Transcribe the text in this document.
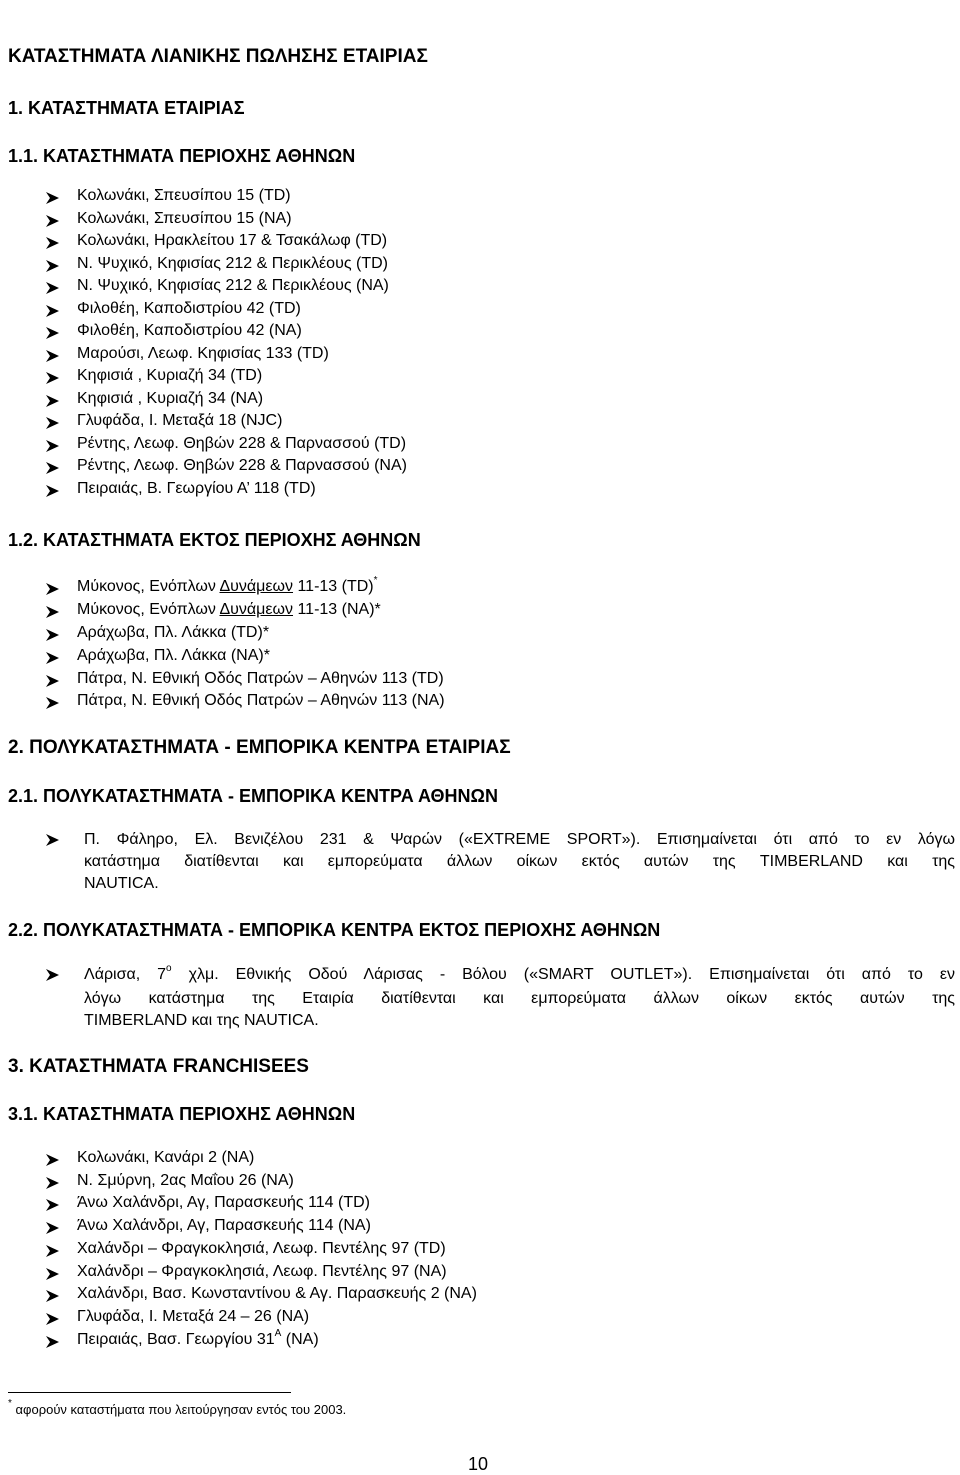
ΚΑΤΑΣΤΗΜΑΤΑ ΛΙΑΝΙΚΗΣ ΠΩΛΗΣΗΣ ΕΤΑΙΡΙΑΣ
1. ΚΑΤΑΣΤΗΜΑΤΑ ΕΤΑΙΡΙΑΣ
1.1. ΚΑΤΑΣΤΗΜΑΤΑ ΠΕΡΙΟΧΗΣ ΑΘΗΝΩΝ
Κολωνάκι, Σπευσίπου 15 (TD)
Κολωνάκι, Σπευσίπου 15 (NA)
Κολωνάκι, Ηρακλείτου 17 & Τσακάλωφ (TD)
Ν. Ψυχικό, Κηφισίας 212 & Περικλέους (TD)
Ν. Ψυχικό, Κηφισίας 212 & Περικλέους (NA)
Φιλοθέη, Καποδιστρίου 42 (TD)
Φιλοθέη, Καποδιστρίου 42 (NA)
Μαρούσι, Λεωφ. Κηφισίας 133 (TD)
Κηφισιά , Κυριαζή 34 (TD)
Κηφισιά , Κυριαζή 34 (NA)
Γλυφάδα, Ι. Μεταξά 18 (NJC)
Ρέντης, Λεωφ. Θηβών 228 & Παρνασσού (TD)
Ρέντης, Λεωφ. Θηβών 228 & Παρνασσού (NA)
Πειραιάς, Β. Γεωργίου Α’ 118 (TD)
1.2. ΚΑΤΑΣΤΗΜΑΤΑ ΕΚΤΟΣ ΠΕΡΙΟΧΗΣ ΑΘΗΝΩΝ
Μύκονος, Ενόπλων Δυνάμεων 11-13 (TD)*
Μύκονος, Ενόπλων Δυνάμεων 11-13 (NA)*
Αράχωβα, Πλ. Λάκκα (TD)*
Αράχωβα, Πλ. Λάκκα (NA)*
Πάτρα, Ν. Εθνική Οδός Πατρών – Αθηνών 113 (TD)
Πάτρα, Ν. Εθνική Οδός Πατρών – Αθηνών 113 (NA)
2. ΠΟΛΥΚΑΤΑΣΤΗΜΑΤΑ - ΕΜΠΟΡΙΚΑ ΚΕΝΤΡΑ ΕΤΑΙΡΙΑΣ
2.1. ΠΟΛΥΚΑΤΑΣΤΗΜΑΤΑ - ΕΜΠΟΡΙΚΑ ΚΕΝΤΡΑ ΑΘΗΝΩΝ
Π. Φάληρο, Ελ. Βενιζέλου 231 & Ψαρών («EXTREME SPORT»). Επισημαίνεται ότι από το εν λόγω
κατάστημα διατίθενται και εμπορεύματα άλλων οίκων εκτός αυτών της TIMBERLAND και της
NAUTICA.
2.2. ΠΟΛΥΚΑΤΑΣΤΗΜΑΤΑ - ΕΜΠΟΡΙΚΑ ΚΕΝΤΡΑ ΕΚΤΟΣ ΠΕΡΙΟΧΗΣ ΑΘΗΝΩΝ
Λάρισα, $7^o$ χλμ. Εθνικής Οδού Λάρισας - Βόλου («SMART OUTLET»). Επισημαίνεται ότι από το εν
λόγω κατάστημα της Εταιρία διατίθενται και εμπορεύματα άλλων οίκων εκτός αυτών της
TIMBERLAND και της NAUTICA.
3. ΚΑΤΑΣΤΗΜΑΤΑ FRANCHISEES
3.1. ΚΑΤΑΣΤΗΜΑΤΑ ΠΕΡΙΟΧΗΣ ΑΘΗΝΩΝ
Κολωνάκι, Κανάρι 2 (NA)
Ν. Σμύρνη, 2ας Μαΐου 26 (NA)
Άνω Χαλάνδρι, Αγ, Παρασκευής 114 (TD)
Άνω Χαλάνδρι, Αγ, Παρασκευής 114 (NA)
Χαλάνδρι – Φραγκοκλησιά, Λεωφ. Πεντέλης 97 (TD)
Χαλάνδρι – Φραγκοκλησιά, Λεωφ. Πεντέλης 97 (NA)
Χαλάνδρι, Βασ. Κωνσταντίνου & Αγ. Παρασκευής 2 (NA)
Γλυφάδα, Ι. Μεταξά 24 – 26 (NA)
Πειραιάς, Βασ. Γεωργίου $31^A$ (NA)
* αφορούν καταστήματα που λειτούργησαν εντός του 2003.
10
